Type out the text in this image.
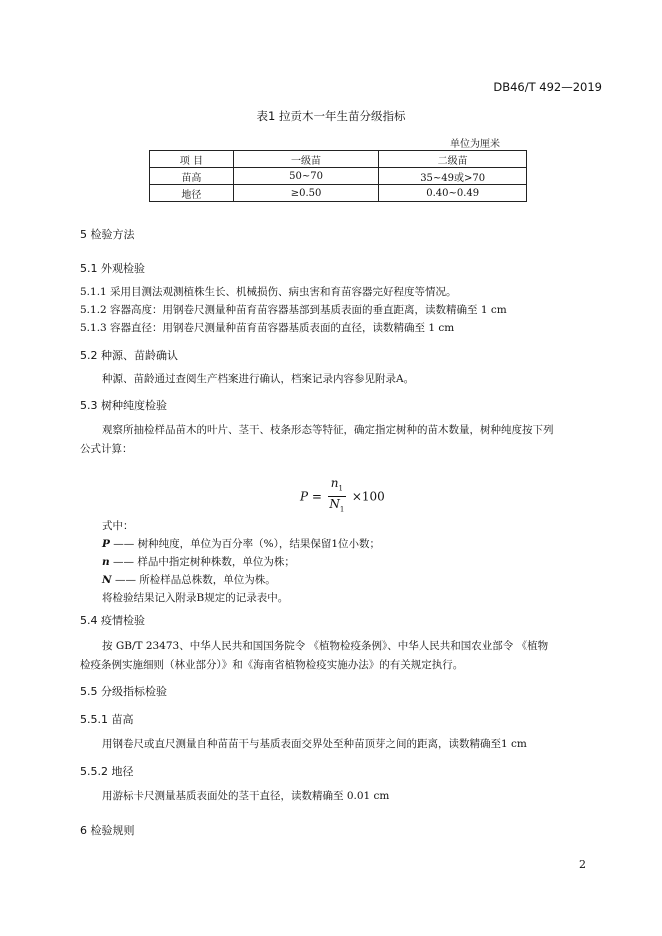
DB46/T 492—2019
表1 拉贡木一年生苗分级指标
单位为厘米
项 目	一级苗	二级苗
苗高	50~70	35~49或>70
地径	≥0.50	0.40~0.49
5 检验方法
5.1 外观检验
5.1.1 采用目测法观测植株生长、机械损伤、病虫害和育苗容器完好程度等情况。
5.1.2 容器高度：用钢卷尺测量种苗育苗容器基部到基质表面的垂直距离，读数精确至 1 cm
5.1.3 容器直径：用钢卷尺测量种苗育苗容器基质表面的直径，读数精确至 1 cm
5.2 种源、苗龄确认
种源、苗龄通过查阅生产档案进行确认，档案记录内容参见附录A。
5.3 树种纯度检验
观察所抽检样品苗木的叶片、茎干、枝条形态等特征，确定指定树种的苗木数量，树种纯度按下列
公式计算：
$P = \frac{n_1}{N_1} \times 100$
式中：
P —— 树种纯度，单位为百分率（%），结果保留1位小数；
n —— 样品中指定树种株数，单位为株；
N —— 所检样品总株数，单位为株。
将检验结果记入附录B规定的记录表中。
5.4 疫情检验
按 GB/T 23473、中华人民共和国国务院令 《植物检疫条例》、中华人民共和国农业部令 《植物
检疫条例实施细则（林业部分）》和《海南省植物检疫实施办法》的有关规定执行。
5.5 分级指标检验
5.5.1 苗高
用钢卷尺或直尺测量自种苗苗干与基质表面交界处至种苗顶芽之间的距离，读数精确至1 cm
5.5.2 地径
用游标卡尺测量基质表面处的茎干直径，读数精确至 0.01 cm
6 检验规则
2
